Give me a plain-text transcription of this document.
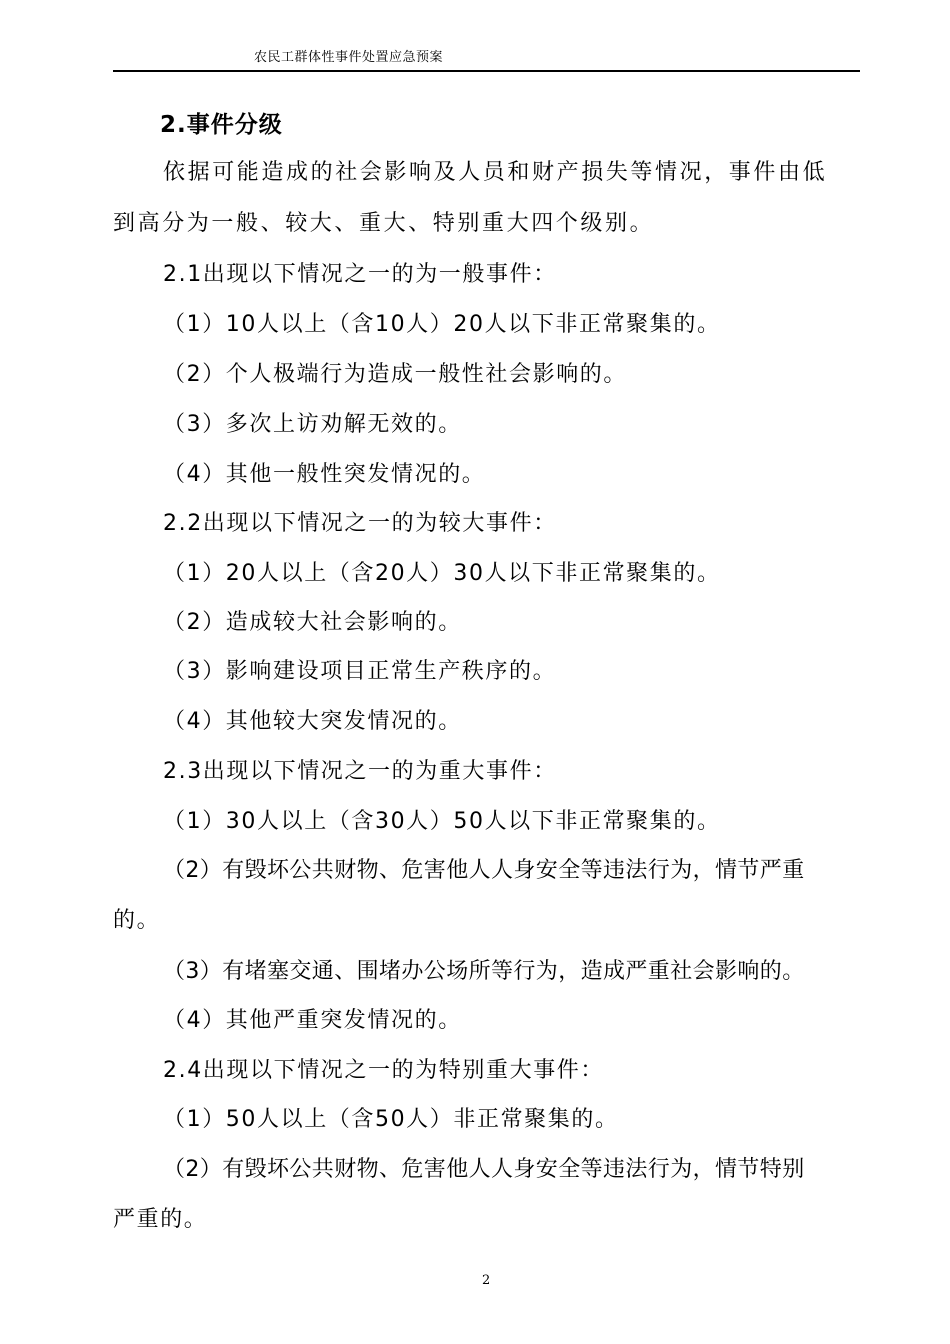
农民工群体性事件处置应急预案
2.事件分级
依据可能造成的社会影响及人员和财产损失等情况，事件由低
到高分为一般、较大、重大、特别重大四个级别。
2.1出现以下情况之一的为一般事件：
（1）10人以上（含10人）20人以下非正常聚集的。
（2）个人极端行为造成一般性社会影响的。
（3）多次上访劝解无效的。
（4）其他一般性突发情况的。
2.2出现以下情况之一的为较大事件：
（1）20人以上（含20人）30人以下非正常聚集的。
（2）造成较大社会影响的。
（3）影响建设项目正常生产秩序的。
（4）其他较大突发情况的。
2.3出现以下情况之一的为重大事件：
（1）30人以上（含30人）50人以下非正常聚集的。
（2）有毁坏公共财物、危害他人人身安全等违法行为，情节严重
的。
（3）有堵塞交通、围堵办公场所等行为，造成严重社会影响的。
（4）其他严重突发情况的。
2.4出现以下情况之一的为特别重大事件：
（1）50人以上（含50人）非正常聚集的。
（2）有毁坏公共财物、危害他人人身安全等违法行为，情节特别
严重的。
2
